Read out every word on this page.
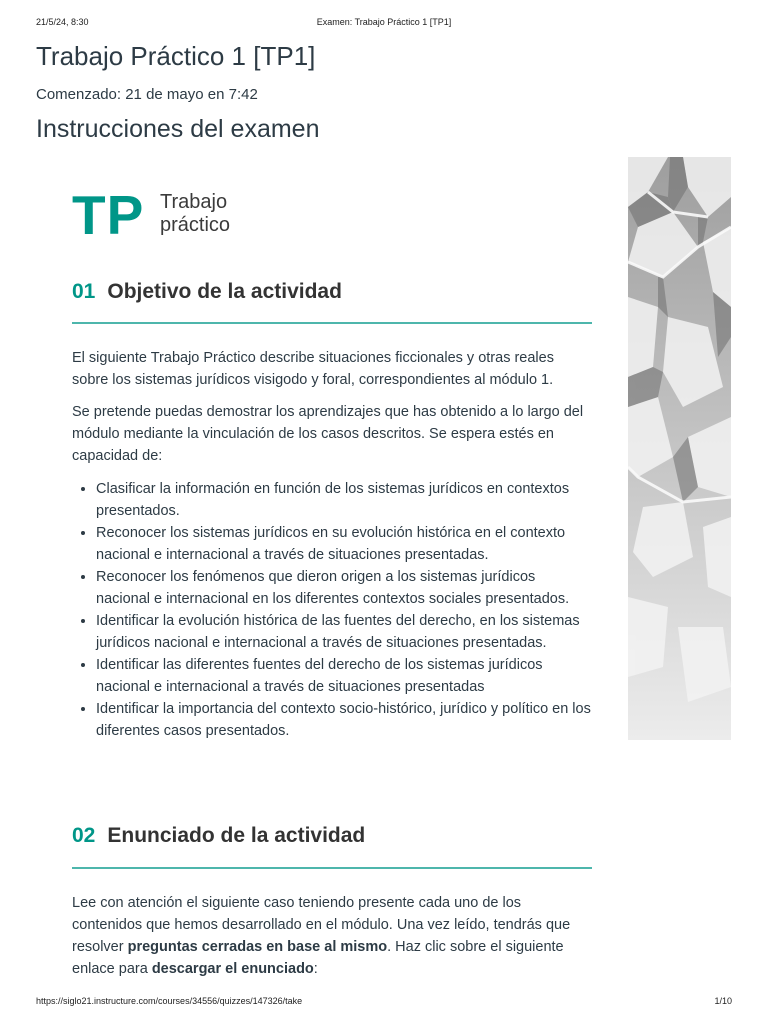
21/5/24, 8:30	Examen: Trabajo Práctico 1 [TP1]
Trabajo Práctico 1 [TP1]
Comenzado: 21 de mayo en 7:42
Instrucciones del examen
TP Trabajo
práctico
01 Objetivo de la actividad

El siguiente Trabajo Práctico describe situaciones ficcionales y otras reales sobre los sistemas jurídicos visigodo y foral, correspondientes al módulo 1.

Se pretende puedas demostrar los aprendizajes que has obtenido a lo largo del módulo mediante la vinculación de los casos descritos. Se espera estés en capacidad de:

• Clasificar la información en función de los sistemas jurídicos en contextos presentados.
• Reconocer los sistemas jurídicos en su evolución histórica en el contexto nacional e internacional a través de situaciones presentadas.
• Reconocer los fenómenos que dieron origen a los sistemas jurídicos nacional e internacional en los diferentes contextos sociales presentados.
• Identificar la evolución histórica de las fuentes del derecho, en los sistemas jurídicos nacional e internacional a través de situaciones presentadas.
• Identificar las diferentes fuentes del derecho de los sistemas jurídicos nacional e internacional a través de situaciones presentadas
• Identificar la importancia del contexto socio-histórico, jurídico y político en los diferentes casos presentados.
02 Enunciado de la actividad

Lee con atención el siguiente caso teniendo presente cada uno de los contenidos que hemos desarrollado en el módulo. Una vez leído, tendrás que resolver preguntas cerradas en base al mismo. Haz clic sobre el siguiente enlace para descargar el enunciado:

https://siglo21.instructure.com/courses/34556/quizzes/147326/take	1/10
